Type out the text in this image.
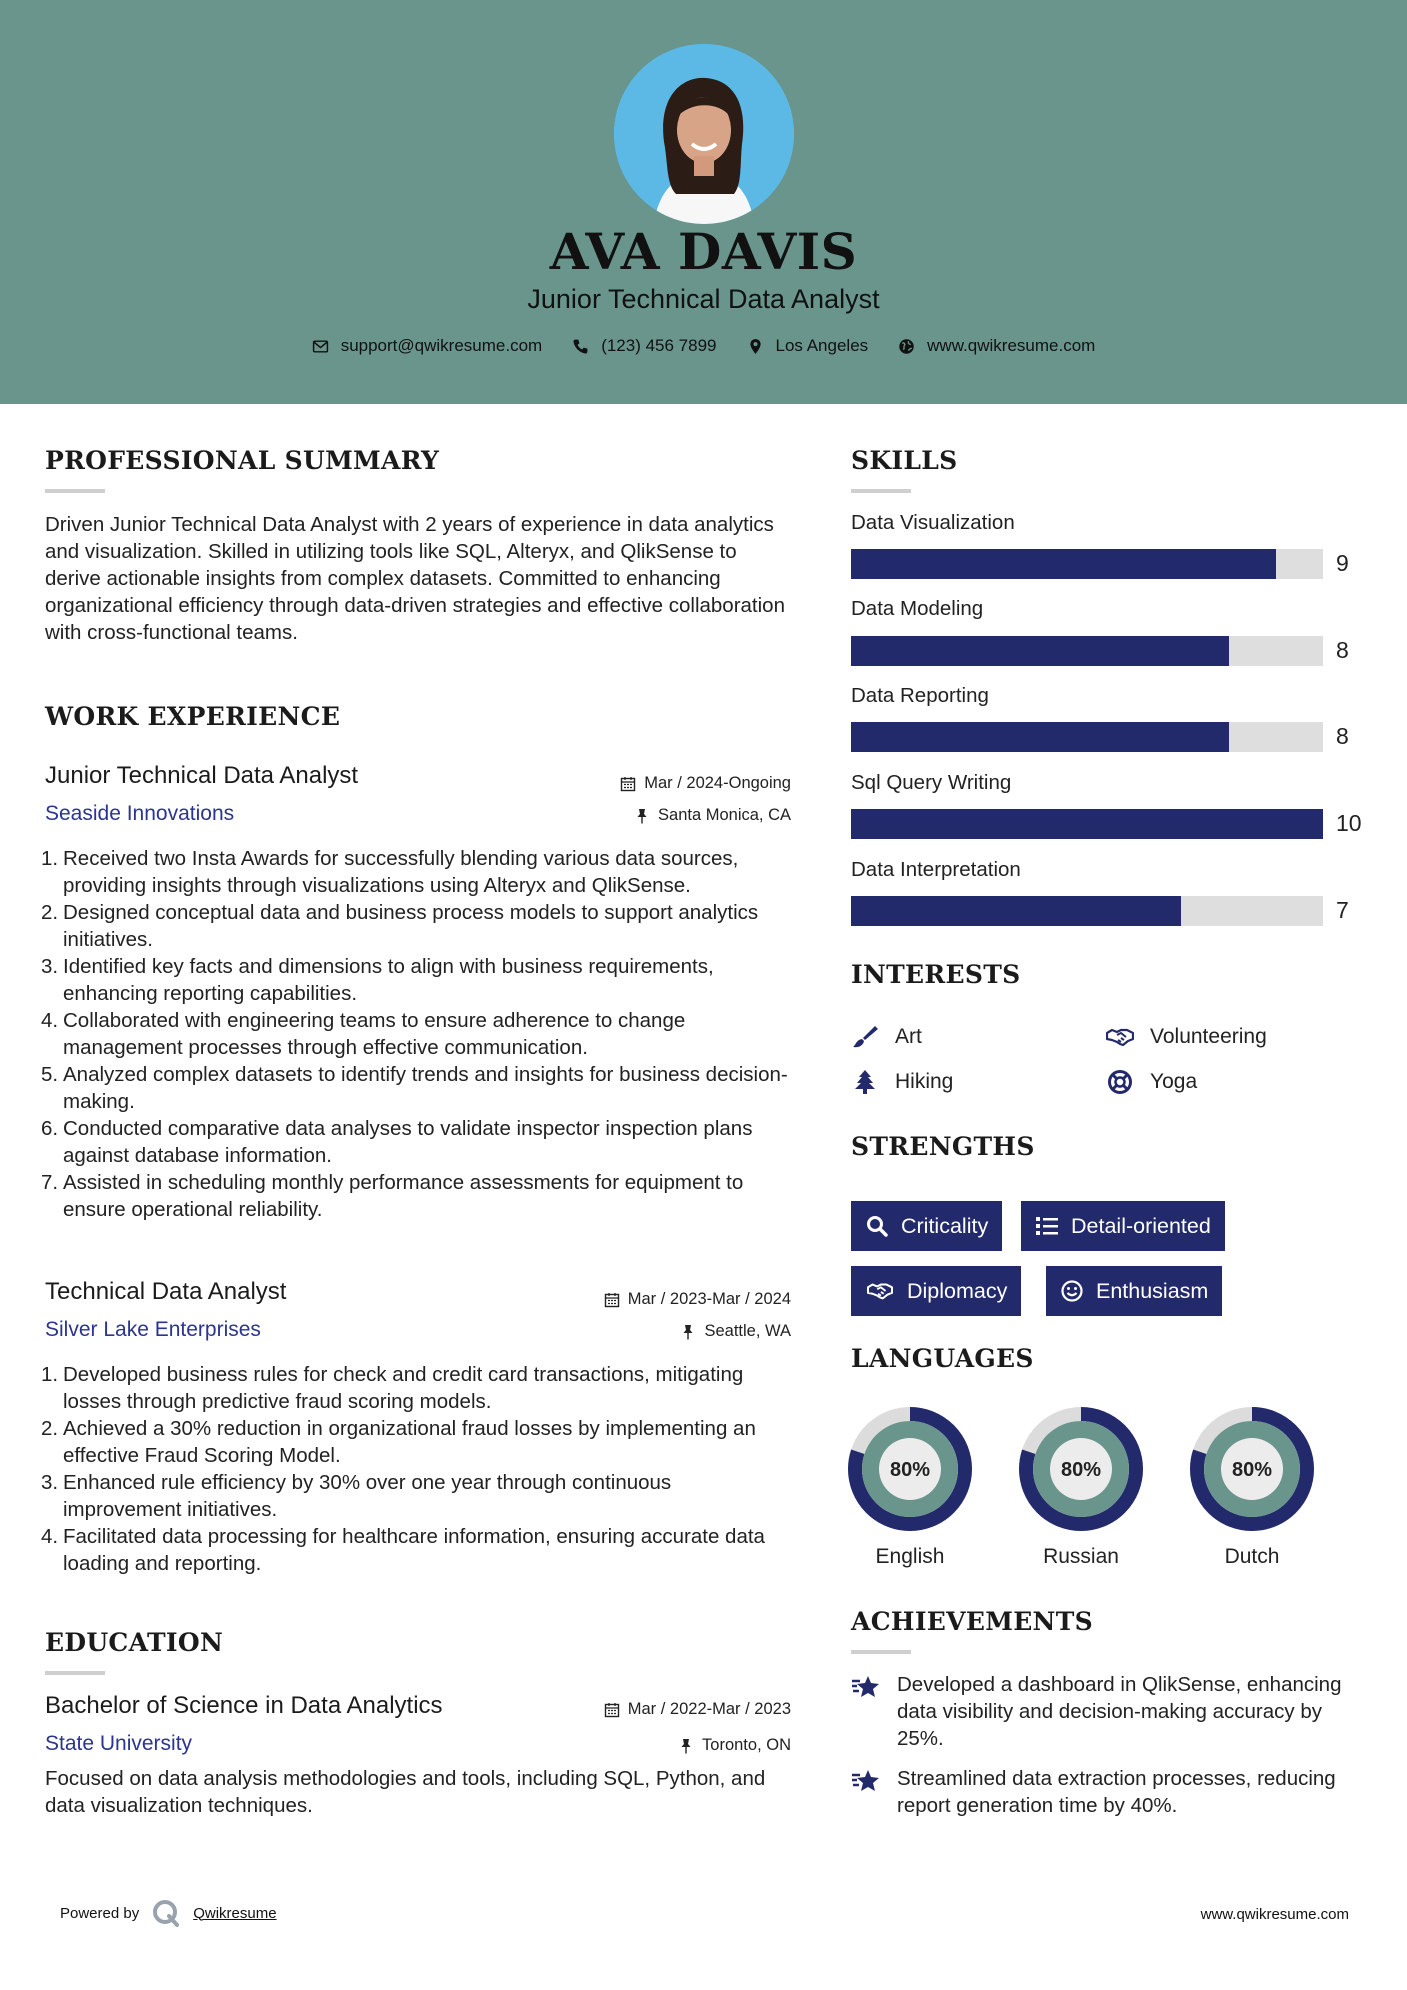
AVA DAVIS
Junior Technical Data Analyst
support@qwikresume.com	(123) 456 7899	Los Angeles	www.qwikresume.com
PROFESSIONAL SUMMARY
Driven Junior Technical Data Analyst with 2 years of experience in data analytics and visualization. Skilled in utilizing tools like SQL, Alteryx, and QlikSense to derive actionable insights from complex datasets. Committed to enhancing organizational efficiency through data-driven strategies and effective collaboration with cross-functional teams.
WORK EXPERIENCE
Junior Technical Data Analyst	Mar / 2024-Ongoing
Seaside Innovations	Santa Monica, CA
1. Received two Insta Awards for successfully blending various data sources, providing insights through visualizations using Alteryx and QlikSense.
2. Designed conceptual data and business process models to support analytics initiatives.
3. Identified key facts and dimensions to align with business requirements, enhancing reporting capabilities.
4. Collaborated with engineering teams to ensure adherence to change management processes through effective communication.
5. Analyzed complex datasets to identify trends and insights for business decision-making.
6. Conducted comparative data analyses to validate inspector inspection plans against database information.
7. Assisted in scheduling monthly performance assessments for equipment to ensure operational reliability.
Technical Data Analyst	Mar / 2023-Mar / 2024
Silver Lake Enterprises	Seattle, WA
1. Developed business rules for check and credit card transactions, mitigating losses through predictive fraud scoring models.
2. Achieved a 30% reduction in organizational fraud losses by implementing an effective Fraud Scoring Model.
3. Enhanced rule efficiency by 30% over one year through continuous improvement initiatives.
4. Facilitated data processing for healthcare information, ensuring accurate data loading and reporting.
EDUCATION
Bachelor of Science in Data Analytics	Mar / 2022-Mar / 2023
State University	Toronto, ON
Focused on data analysis methodologies and tools, including SQL, Python, and data visualization techniques.
SKILLS
Data Visualization
9
Data Modeling
8
Data Reporting
8
Sql Query Writing
10
Data Interpretation
7
INTERESTS
Art	Volunteering
Hiking	Yoga
STRENGTHS
Criticality	Detail-oriented
Diplomacy	Enthusiasm
LANGUAGES
80%
English
80%
Russian
80%
Dutch
ACHIEVEMENTS
Developed a dashboard in QlikSense, enhancing data visibility and decision-making accuracy by 25%.
Streamlined data extraction processes, reducing report generation time by 40%.
Powered by	Qwikresume	www.qwikresume.com
